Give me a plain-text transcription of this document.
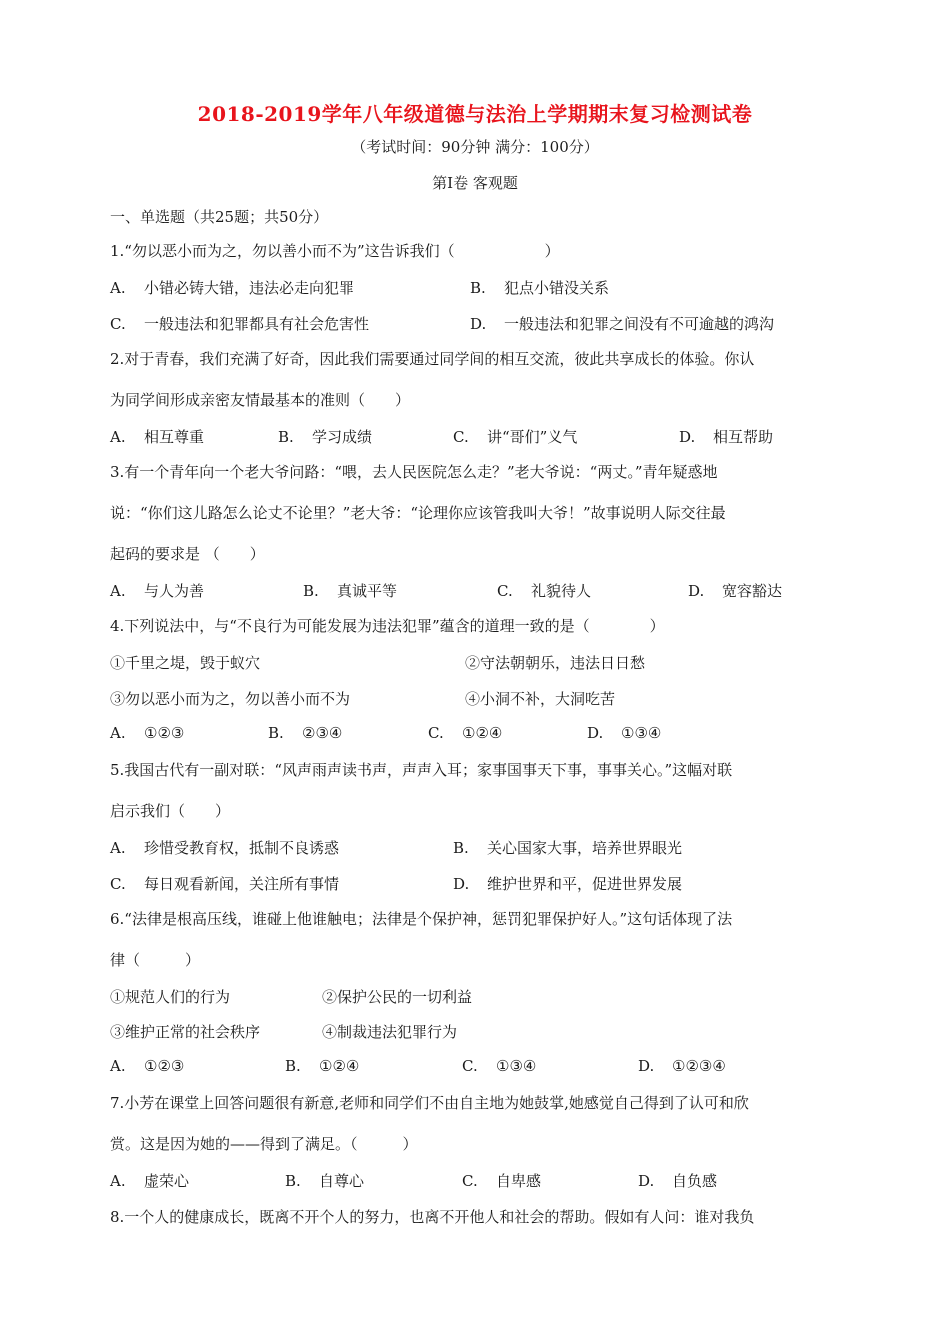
2018-2019学年八年级道德与法治上学期期末复习检测试卷
（考试时间：90分钟 满分：100分）
第Ⅰ卷 客观题
一、单选题（共25题；共50分）
1.“勿以恶小而为之，勿以善小而不为”这告诉我们（　　　　　　）
A. 小错必铸大错，违法必走向犯罪	B. 犯点小错没关系
C. 一般违法和犯罪都具有社会危害性	D. 一般违法和犯罪之间没有不可逾越的鸿沟
2.对于青春，我们充满了好奇，因此我们需要通过同学间的相互交流，彼此共享成长的体验。你认
为同学间形成亲密友情最基本的准则（　　）
A. 相互尊重	B. 学习成绩	C. 讲“哥们”义气	D. 相互帮助
3.有一个青年向一个老大爷问路：“喂，去人民医院怎么走？”老大爷说：“两丈。”青年疑惑地
说：“你们这儿路怎么论丈不论里？”老大爷：“论理你应该管我叫大爷！”故事说明人际交往最
起码的要求是 （　　）
A. 与人为善	B. 真诚平等	C. 礼貌待人	D. 宽容豁达
4.下列说法中，与“不良行为可能发展为违法犯罪”蕴含的道理一致的是（　　　　）
①千里之堤，毁于蚁穴	②守法朝朝乐，违法日日愁
③勿以恶小而为之，勿以善小而不为	④小洞不补，大洞吃苦
A. ①②③	B. ②③④	C. ①②④	D. ①③④
5.我国古代有一副对联：“风声雨声读书声，声声入耳；家事国事天下事，事事关心。”这幅对联
启示我们（　　）
A. 珍惜受教育权，抵制不良诱惑	B. 关心国家大事，培养世界眼光
C. 每日观看新闻，关注所有事情	D. 维护世界和平，促进世界发展
6.“法律是根高压线，谁碰上他谁触电；法律是个保护神，惩罚犯罪保护好人。”这句话体现了法
律（　　　）
①规范人们的行为	②保护公民的一切利益
③维护正常的社会秩序	④制裁违法犯罪行为
A. ①②③	B. ①②④	C. ①③④	D. ①②③④
7.小芳在课堂上回答问题很有新意,老师和同学们不由自主地为她鼓掌,她感觉自己得到了认可和欣
赏。这是因为她的——得到了满足。（　　　）
A. 虚荣心	B. 自尊心	C. 自卑感	D. 自负感
8.一个人的健康成长，既离不开个人的努力，也离不开他人和社会的帮助。假如有人问：谁对我负
